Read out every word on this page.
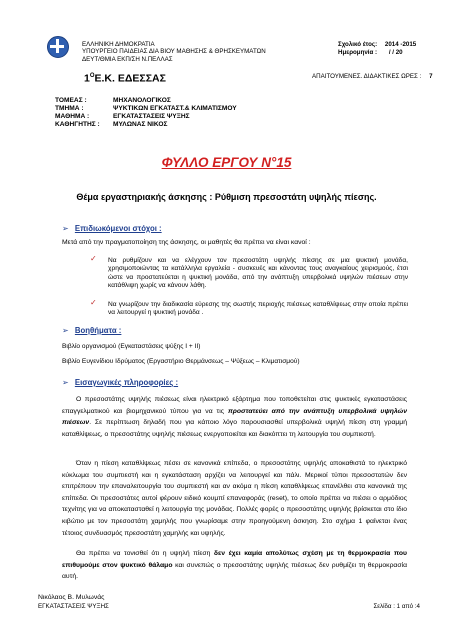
ΕΛΛΗΝΙΚΗ ΔΗΜΟΚΡΑΤΙΑ
ΥΠΟΥΡΓΕΙΟ ΠΑΙΔΕΙΑΣ ΔΙΑ ΒΙΟΥ ΜΑΘΗΣΗΣ & ΘΡΗΣΚΕΥΜΑΤΩΝ
ΔΕΥΤ/ΘΜΙΑ ΕΚΠ/ΣΗ Ν.ΠΕΛΛΑΣ
Σχολικό έτος: 2014 -2015
Ημερομηνία : / / 20
$1^OE.K$. ΕΔΕΣΣΑΣ	ΑΠΑΙΤΟΥΜΕΝΕΣ. ΔΙΔΑΚΤΙΚΕΣ ΩΡΕΣ : 7
ΤΟΜΕΑΣ :	ΜΗΧΑΝΟΛΟΓΙΚΟΣ
ΤΜΗΜΑ :	ΨΥΚΤΙΚΩΝ ΕΓΚΑΤΑΣΤ.& ΚΛΙΜΑΤΙΣΜΟΥ
ΜΑΘΗΜΑ :	ΕΓΚΑΤΑΣΤΑΣΕΙΣ ΨΥΞΗΣ
ΚΑΘΗΓΗΤΗΣ :	ΜΥΛΩΝΑΣ ΝΙΚΟΣ
ΦΥΛΛΟ ΕΡΓΟΥ Ν°15
Θέμα εργαστηριακής άσκησης : Ρύθμιση πρεσοστάτη υψηλής πίεσης.
➢ Επιδιωκόμενοι στόχοι :
Μετά από την πραγματοποίηση της άσκησης, οι μαθητές θα πρέπει να είναι κανοί :
✓ Να ρυθμίζουν και να ελέγχουν τον πρεσοστάτη υψηλής πίεσης σε μια ψυκτική μονάδα, χρησιμοποιώντας τα κατάλληλα εργαλεία - συσκευές και κάνοντας τους αναγκαίους χειρισμούς, έτσι ώστε να προστατεύεται η ψυκτική μονάδα, από την ανάπτυξη υπερβολικά υψηλών πιέσεων στην κατάθλιψη χωρίς να κάνουν λάθη.
✓ Να γνωρίζουν την διαδικασία εύρεσης της σωστής περιοχής πιέσεως καταθλίψεως στην οποία πρέπει να λειτουργεί η ψυκτική μονάδα .
➢ Βοηθήματα :
Βιβλίο οργανισμού (Εγκαταστάσεις ψύξης Ι + ΙΙ)
Βιβλίο Ευγενίδιου Ιδρύματος (Εργαστήριο Θερμάνσεως – Ψύξεως – Κλιματισμού)
➢ Εισαγωγικές πληροφορίες :
Ο πρεσοστάτης υψηλής πιέσεως είναι ηλεκτρικό εξάρτημα που τοποθετείται στις ψυκτικές εγκαταστάσεις επαγγελματικού και βιομηχανικού τύπου για να τις προστατεύει από την ανάπτυξη υπερβολικά υψηλών πιέσεων. Σε περίπτωση δηλαδή που για κάποιο λόγο παρουσιασθεί υπερβολικά υψηλή πίεση στη γραμμή καταθλίψεως, ο πρεσοστάτης υψηλής πιέσεως ενεργοποιείται και διακόπτει τη λειτουργία του συμπιεστή.
Όταν η πίεση καταθλίψεως πέσει σε κανονικά επίπεδα, ο πρεσοστάτης υψηλής αποκαθιστά το ηλεκτρικό κύκλωμα του συμπιεστή και η εγκατάσταση αρχίζει να λειτουργεί και πάλι. Μερικοί τύποι πρεσοστατών δεν επιτρέπουν την επαναλειτουργία του συμπιεστή και αν ακόμα η πίεση καταθλίψεως επανέλθει στα κανονικά της επίπεδα. Οι πρεσοστάτες αυτοί φέρουν ειδικό κουμπί επαναφοράς (reset), το οποίο πρέπει να πιέσει ο αρμόδιος τεχνίτης για να αποκατασταθεί η λειτουργία της μονάδας. Πολλές φορές ο πρεσοστάτης υψηλής βρίσκεται στο ίδιο κιβώτιο με τον πρεσοστάτη χαμηλής που γνωρίσαμε στην προηγούμενη άσκηση. Στο σχήμα 1 φαίνεται ένας τέτοιος συνδυασμός πρεσοστάτη χαμηλής και υψηλής.
Θα πρέπει να τονισθεί ότι η υψηλή πίεση δεν έχει καμία απολύτως σχέση με τη θερμοκρασία που επιθυμούμε στον ψυκτικό θάλαμο και συνεπώς ο πρεσοστάτης υψηλής πιέσεως δεν ρυθμίζει τη θερμοκρασία αυτή.
Νικόλαος Β. Μυλωνάς
ΕΓΚΑΤΑΣΤΑΣΕΙΣ ΨΥΞΗΣ	Σελίδα : 1 από :4
